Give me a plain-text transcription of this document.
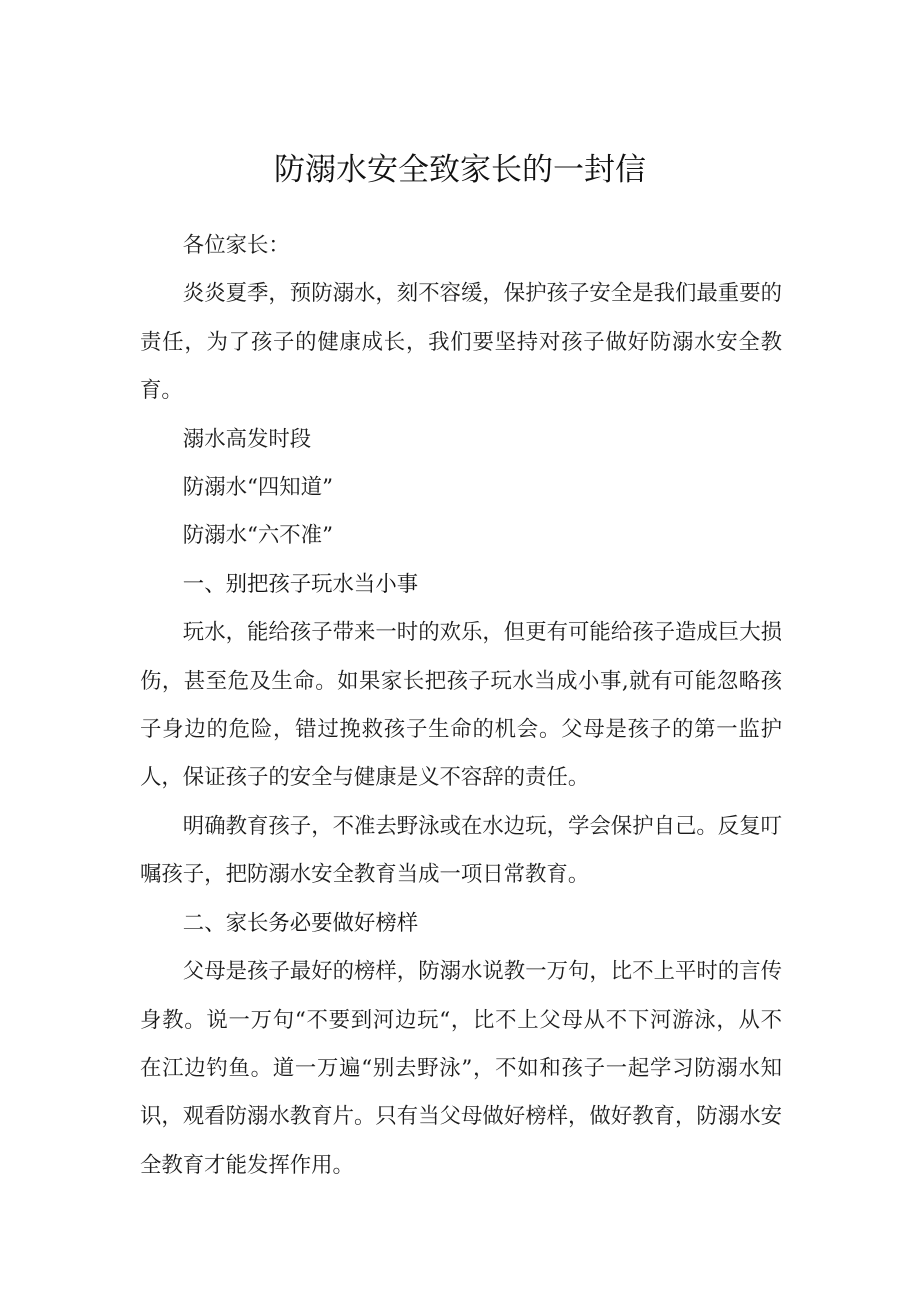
防溺水安全致家长的一封信

各位家长：

炎炎夏季，预防溺水，刻不容缓，保护孩子安全是我们最重要的责任，为了孩子的健康成长，我们要坚持对孩子做好防溺水安全教育。

溺水高发时段

防溺水“四知道”

防溺水“六不准”

一、别把孩子玩水当小事

玩水，能给孩子带来一时的欢乐，但更有可能给孩子造成巨大损伤，甚至危及生命。如果家长把孩子玩水当成小事,就有可能忽略孩子身边的危险，错过挽救孩子生命的机会。父母是孩子的第一监护人，保证孩子的安全与健康是义不容辞的责任。

明确教育孩子，不准去野泳或在水边玩，学会保护自己。反复叮嘱孩子，把防溺水安全教育当成一项日常教育。

二、家长务必要做好榜样

父母是孩子最好的榜样，防溺水说教一万句，比不上平时的言传身教。说一万句“不要到河边玩“，比不上父母从不下河游泳，从不在江边钓鱼。道一万遍“别去野泳”，不如和孩子一起学习防溺水知识，观看防溺水教育片。只有当父母做好榜样，做好教育，防溺水安全教育才能发挥作用。
